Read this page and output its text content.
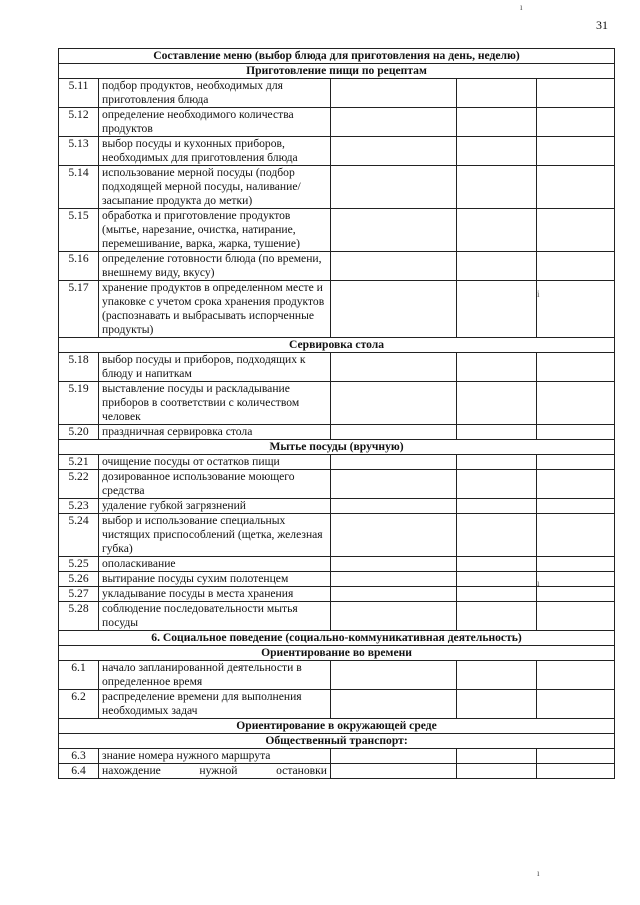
31
ı
i
ı
ı
Составление меню (выбор блюда для приготовления на день, неделю)				
Приготовление пищи по рецептам				
5.11	подбор продуктов, необходимых для приготовления блюда			
5.12	определение необходимого количества продуктов			
5.13	выбор посуды и кухонных приборов, необходимых для приготовления блюда			
5.14	использование мерной посуды (подбор подходящей мерной посуды, наливание/засыпание продукта до метки)			
5.15	обработка и приготовление продуктов (мытье, нарезание, очистка, натирание, перемешивание, варка, жарка, тушение)			
5.16	определение готовности блюда (по времени, внешнему виду, вкусу)			
5.17	хранение продуктов в определенном месте и упаковке с учетом срока хранения продуктов (распознавать и выбрасывать испорченные продукты)			
Сервировка стола				
5.18	выбор посуды и приборов, подходящих к блюду и напиткам			
5.19	выставление посуды и раскладывание приборов в соответствии с количеством человек			
5.20	праздничная сервировка стола			
Мытье посуды (вручную)				
5.21	очищение посуды от остатков пищи			
5.22	дозированное использование моющего средства			
5.23	удаление губкой загрязнений			
5.24	выбор и использование специальных чистящих приспособлений (щетка, железная губка)			
5.25	ополаскивание			
5.26	вытирание посуды сухим полотенцем			
5.27	укладывание посуды в места хранения			
5.28	соблюдение последовательности мытья посуды			
6. Социальное поведение (социально-коммуникативная деятельность)				
Ориентирование во времени				
6.1	начало запланированной деятельности в определенное время			
6.2	распределение времени для выполнения необходимых задач			
Ориентирование в окружающей среде				
Общественный транспорт:				
6.3	знание номера нужного маршрута			
6.4	нахождение нужной остановки			
